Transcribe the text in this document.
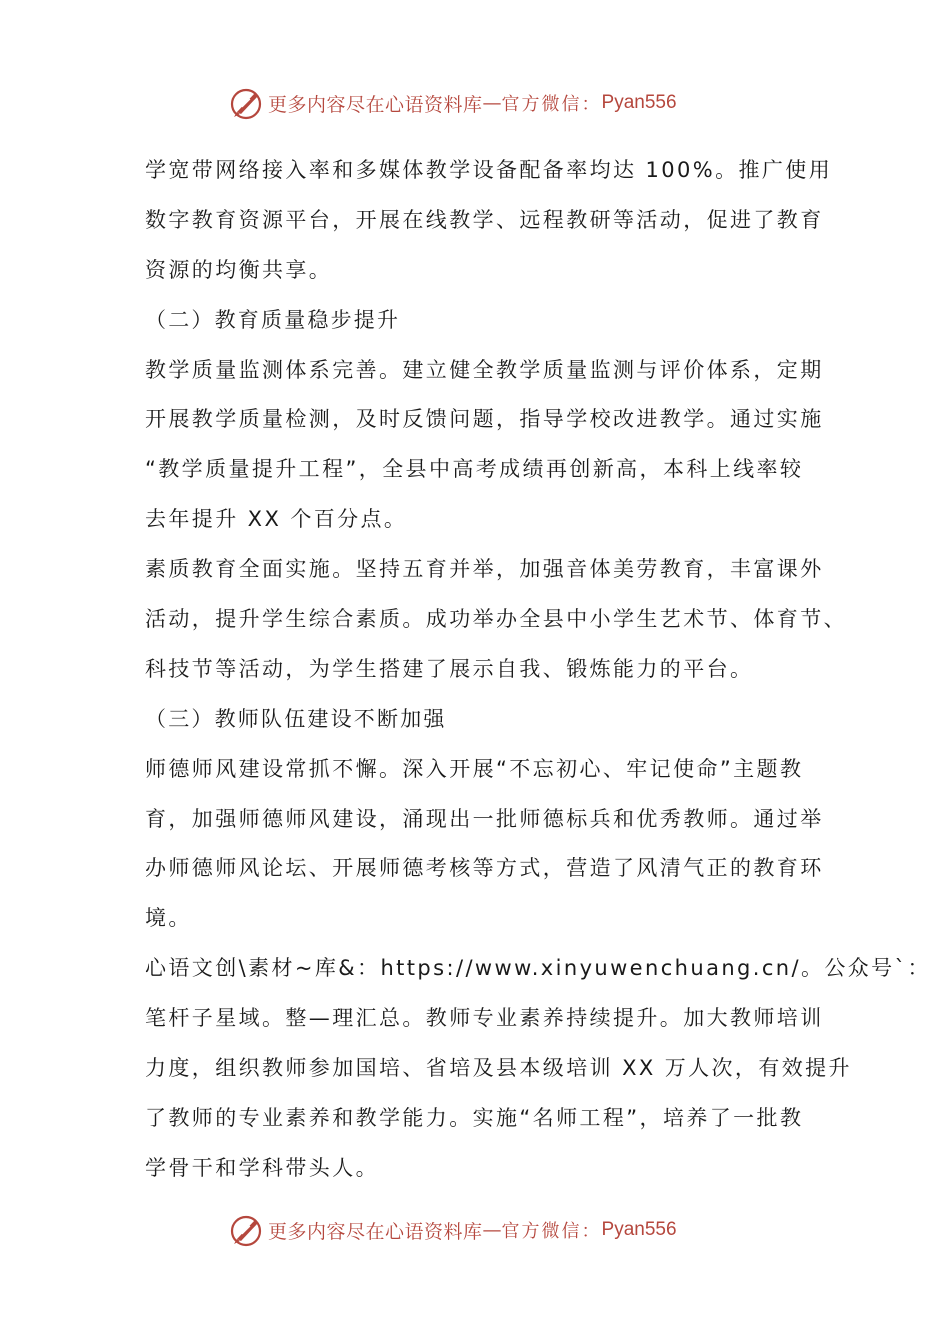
更多内容尽在心语资料库 — 官方微信： Pyan556
学宽带网络接入率和多媒体教学设备配备率均达 100%。推广使用
数字教育资源平台，开展在线教学、远程教研等活动，促进了教育
资源的均衡共享。
（二）教育质量稳步提升
教学质量监测体系完善。建立健全教学质量监测与评价体系，定期
开展教学质量检测，及时反馈问题，指导学校改进教学。通过实施
“教学质量提升工程”，全县中高考成绩再创新高，本科上线率较
去年提升 XX 个百分点。
素质教育全面实施。坚持五育并举，加强音体美劳教育，丰富课外
活动，提升学生综合素质。成功举办全县中小学生艺术节、体育节、
科技节等活动，为学生搭建了展示自我、锻炼能力的平台。
（三）教师队伍建设不断加强
师德师风建设常抓不懈。深入开展“不忘初心、牢记使命”主题教
育，加强师德师风建设，涌现出一批师德标兵和优秀教师。通过举
办师德师风论坛、开展师德考核等方式，营造了风清气正的教育环
境。
心语文创\素材~库&：https://www.xinyuwenchuang.cn/。公众号`：
笔杆子星域。整—理汇总。教师专业素养持续提升。加大教师培训
力度，组织教师参加国培、省培及县本级培训 XX 万人次，有效提升
了教师的专业素养和教学能力。实施“名师工程”，培养了一批教
学骨干和学科带头人。
更多内容尽在心语资料库 — 官方微信： Pyan556
